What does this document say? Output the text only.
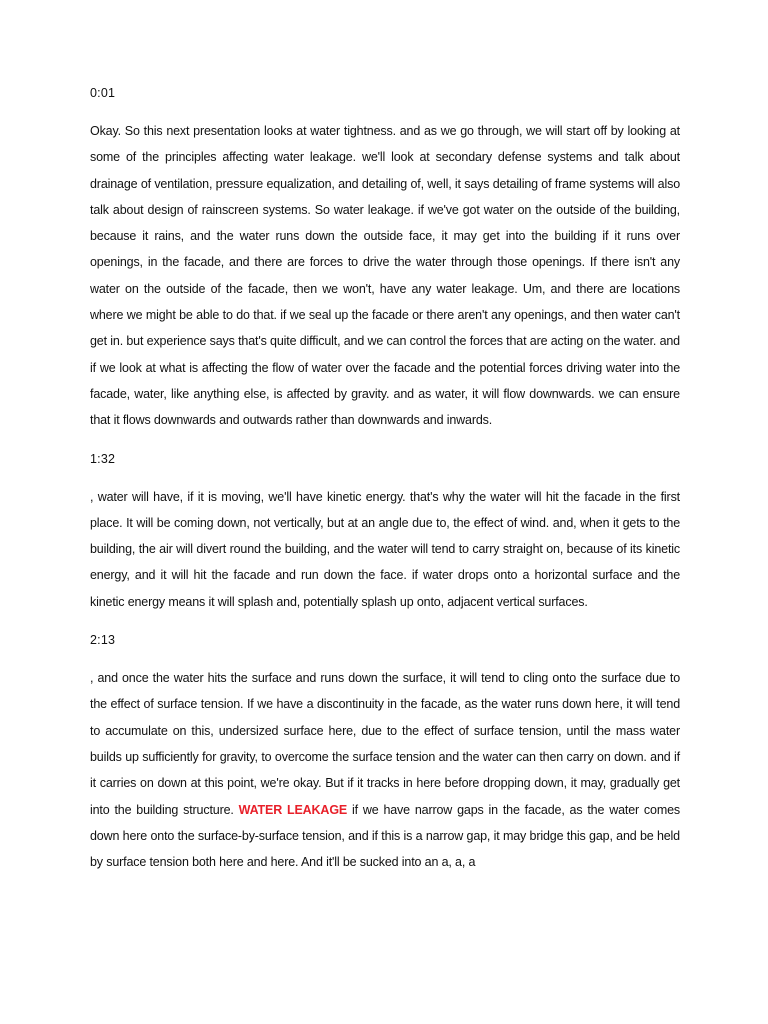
0:01
Okay. So this next presentation looks at water tightness. and as we go through, we will start off by looking at some of the principles affecting water leakage. we'll look at secondary defense systems and talk about drainage of ventilation, pressure equalization, and detailing of, well, it says detailing of frame systems will also talk about design of rainscreen systems. So water leakage. if we've got water on the outside of the building, because it rains, and the water runs down the outside face, it may get into the building if it runs over openings, in the facade, and there are forces to drive the water through those openings. If there isn't any water on the outside of the facade, then we won't, have any water leakage. Um, and there are locations where we might be able to do that. if we seal up the facade or there aren't any openings, and then water can't get in. but experience says that's quite difficult, and we can control the forces that are acting on the water. and if we look at what is affecting the flow of water over the facade and the potential forces driving water into the facade, water, like anything else, is affected by gravity. and as water, it will flow downwards. we can ensure that it flows downwards and outwards rather than downwards and inwards.
1:32
, water will have, if it is moving, we'll have kinetic energy. that's why the water will hit the facade in the first place. It will be coming down, not vertically, but at an angle due to, the effect of wind. and, when it gets to the building, the air will divert round the building, and the water will tend to carry straight on, because of its kinetic energy, and it will hit the facade and run down the face. if water drops onto a horizontal surface and the kinetic energy means it will splash and, potentially splash up onto, adjacent vertical surfaces.
2:13
, and once the water hits the surface and runs down the surface, it will tend to cling onto the surface due to the effect of surface tension. If we have a discontinuity in the facade, as the water runs down here, it will tend to accumulate on this, undersized surface here, due to the effect of surface tension, until the mass water builds up sufficiently for gravity, to overcome the surface tension and the water can then carry on down. and if it carries on down at this point, we're okay. But if it tracks in here before dropping down, it may, gradually get into the building structure. WATER LEAKAGE if we have narrow gaps in the facade, as the water comes down here onto the surface-by-surface tension, and if this is a narrow gap, it may bridge this gap, and be held by surface tension both here and here. And it'll be sucked into an a, a, a
